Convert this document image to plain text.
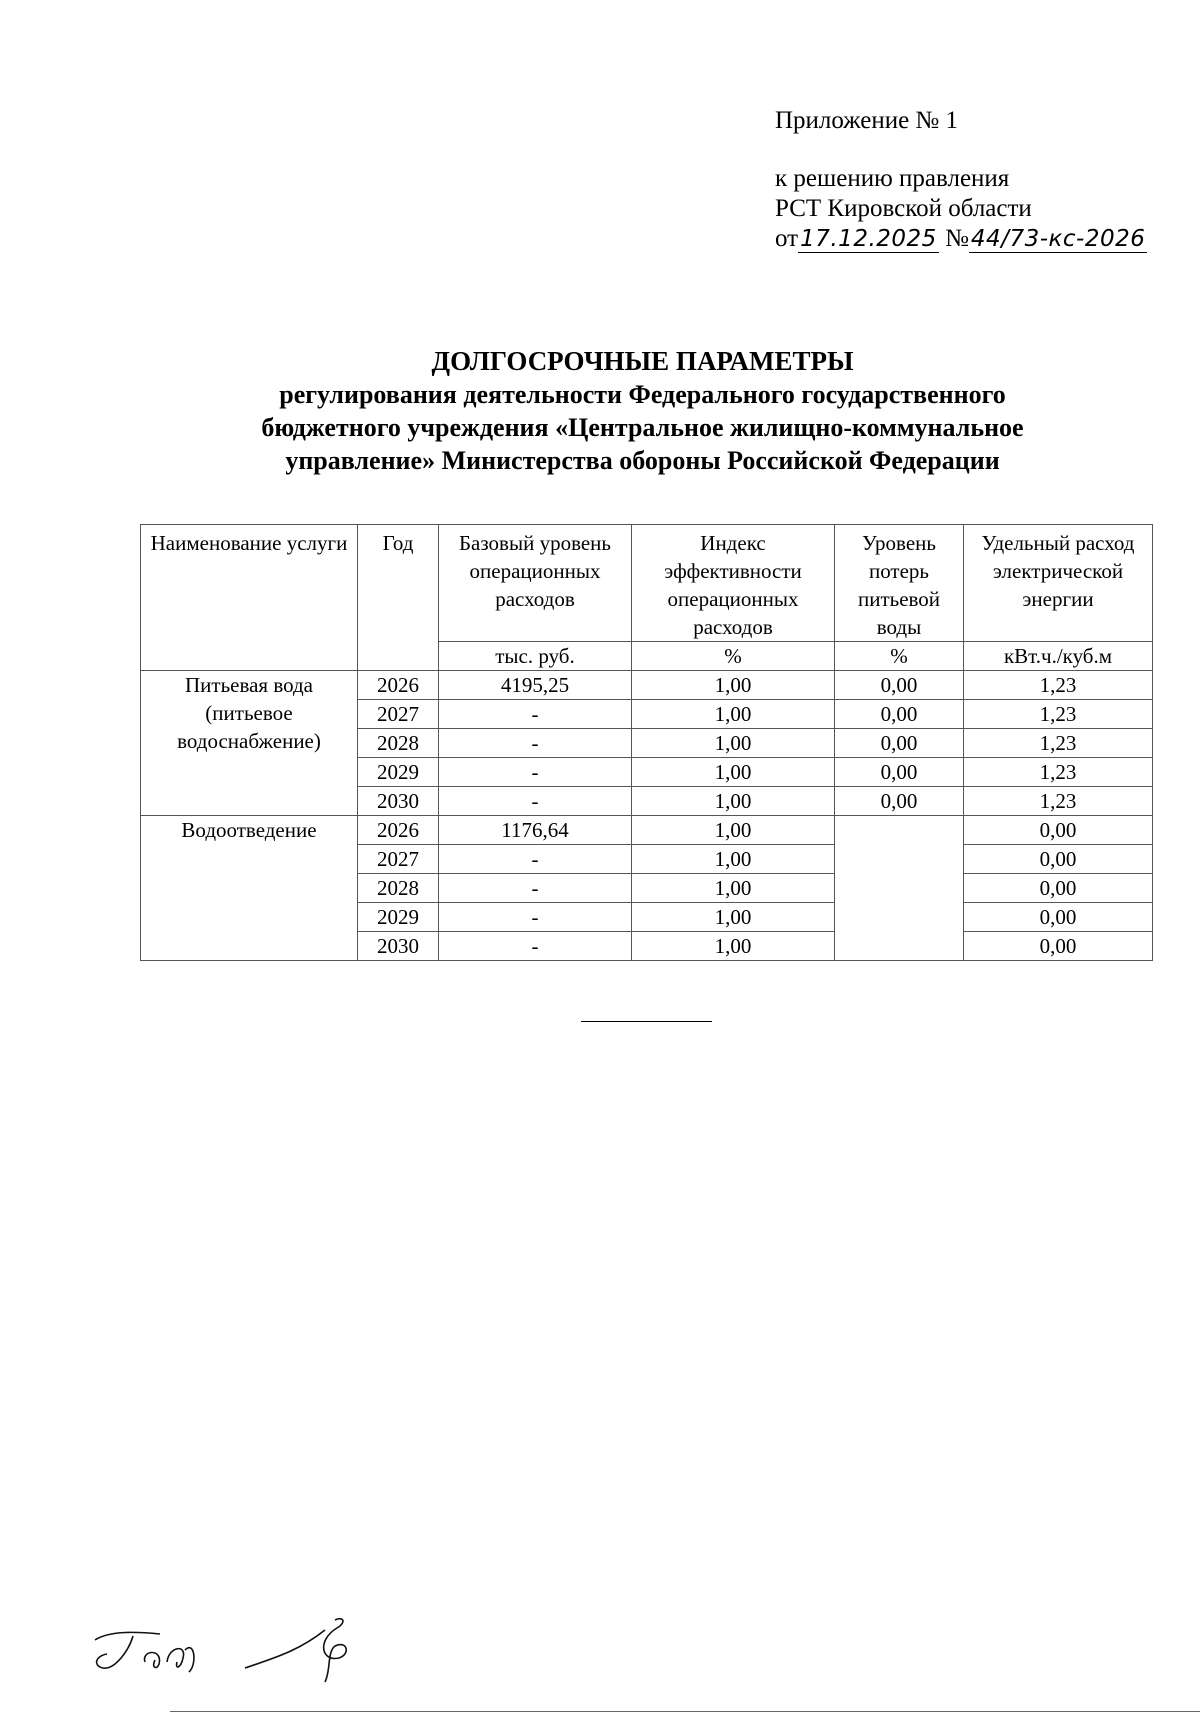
Приложение № 1
к решению правления
РСТ Кировской области
от17.12.2025 №44/73-кс-2026
ДОЛГОСРОЧНЫЕ ПАРАМЕТРЫ
регулирования деятельности Федерального государственного
бюджетного учреждения «Центральное жилищно-коммунальное
управление» Министерства обороны Российской Федерации
Наименование услуги	Год	Базовый уровень операционных расходов	Индекс эффективности операционных расходов	Уровень потерь питьевой воды	Удельный расход электрической энергии
		тыс. руб.	%	%	кВт.ч./куб.м
Питьевая вода (питьевое водоснабжение)	2026	4195,25	1,00	0,00	1,23
	2027	-	1,00	0,00	1,23
	2028	-	1,00	0,00	1,23
	2029	-	1,00	0,00	1,23
	2030	-	1,00	0,00	1,23
Водоотведение	2026	1176,64	1,00		0,00
	2027	-	1,00		0,00
	2028	-	1,00		0,00
	2029	-	1,00		0,00
	2030	-	1,00		0,00
